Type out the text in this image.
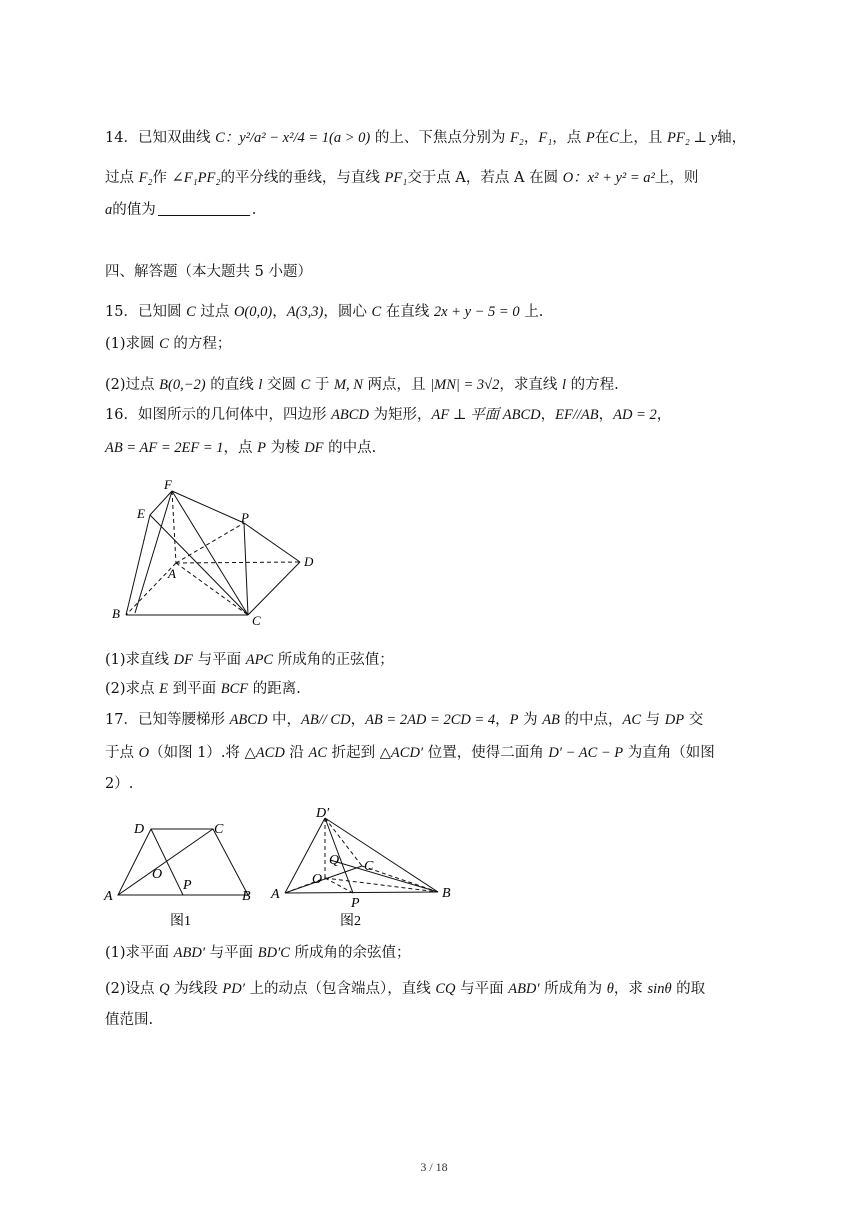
14．已知双曲线 C：y²/a² − x²/4 = 1(a > 0) 的上、下焦点分别为 F₂，F₁，点 P在C上，且 PF₂ ⊥ y轴，
过点 F₂作 ∠F₁PF₂的平分线的垂线，与直线 PF₁交于点 A，若点 A 在圆 O：x² + y² = a²上，则
a的值为	.
四、解答题（本大题共 5 小题）
15．已知圆 C 过点 O(0,0)，A(3,3)，圆心 C 在直线 2x + y − 5 = 0 上.
(1)求圆 C 的方程；
(2)过点 B(0,−2) 的直线 l 交圆 C 于 M, N 两点，且 |MN| = 3√2，求直线 l 的方程.
16．如图所示的几何体中，四边形 ABCD 为矩形，AF ⊥ 平面 ABCD，EF//AB，AD = 2，
AB = AF = 2EF = 1，点 P 为棱 DF 的中点.
F
E	P
A
D
B	C
(1)求直线 DF 与平面 APC 所成角的正弦值；
(2)求点 E 到平面 BCF 的距离.
17．已知等腰梯形 ABCD 中，AB// CD，AB = 2AD = 2CD = 4，P 为 AB 的中点，AC 与 DP 交
于点 O（如图 1）.将 △ACD 沿 AC 折起到 △ACD′ 位置，使得二面角 D′ − AC − P 为直角（如图
2）.
D	C
A	B
O
P
图1
D′
Q C
O
A	B
P
图2
(1)求平面 ABD′ 与平面 BD′C 所成角的余弦值；
(2)设点 Q 为线段 PD′ 上的动点（包含端点），直线 CQ 与平面 ABD′ 所成角为 θ，求 sinθ 的取
值范围.
3 / 18
